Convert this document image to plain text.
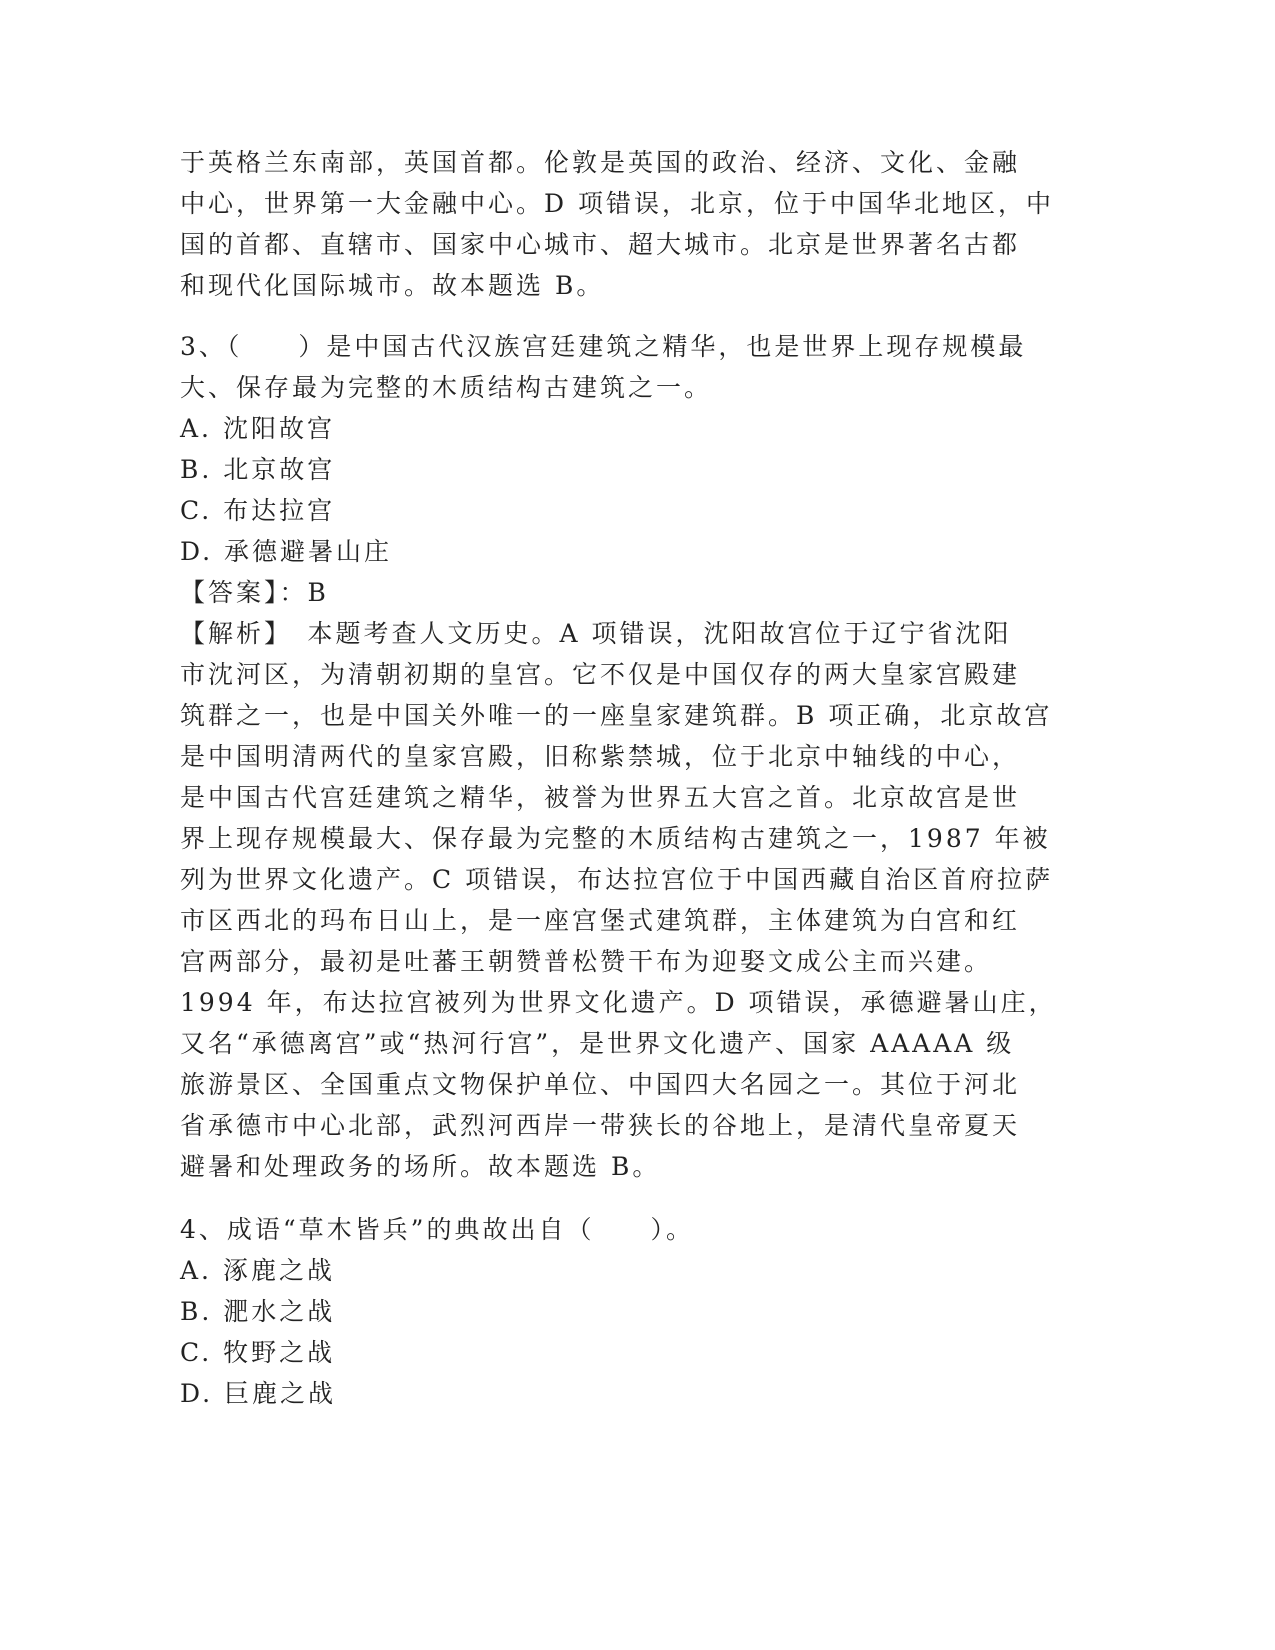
于英格兰东南部，英国首都。伦敦是英国的政治、经济、文化、金融
中心，世界第一大金融中心。D 项错误，北京，位于中国华北地区，中
国的首都、直辖市、国家中心城市、超大城市。北京是世界著名古都
和现代化国际城市。故本题选 B。
3、（　　）是中国古代汉族宫廷建筑之精华，也是世界上现存规模最
大、保存最为完整的木质结构古建筑之一。
A. 沈阳故宫
B. 北京故宫
C. 布达拉宫
D. 承德避暑山庄
【答案】：B
【解析】　本题考查人文历史。A 项错误，沈阳故宫位于辽宁省沈阳
市沈河区，为清朝初期的皇宫。它不仅是中国仅存的两大皇家宫殿建
筑群之一，也是中国关外唯一的一座皇家建筑群。B 项正确，北京故宫
是中国明清两代的皇家宫殿，旧称紫禁城，位于北京中轴线的中心，
是中国古代宫廷建筑之精华，被誉为世界五大宫之首。北京故宫是世
界上现存规模最大、保存最为完整的木质结构古建筑之一，1987 年被
列为世界文化遗产。C 项错误，布达拉宫位于中国西藏自治区首府拉萨
市区西北的玛布日山上，是一座宫堡式建筑群，主体建筑为白宫和红
宫两部分，最初是吐蕃王朝赞普松赞干布为迎娶文成公主而兴建。
1994 年，布达拉宫被列为世界文化遗产。D 项错误，承德避暑山庄，
又名“承德离宫”或“热河行宫”，是世界文化遗产、国家 AAAAA 级
旅游景区、全国重点文物保护单位、中国四大名园之一。其位于河北
省承德市中心北部，武烈河西岸一带狭长的谷地上，是清代皇帝夏天
避暑和处理政务的场所。故本题选 B。
4、成语“草木皆兵”的典故出自（　　）。
A. 涿鹿之战
B. 淝水之战
C. 牧野之战
D. 巨鹿之战
